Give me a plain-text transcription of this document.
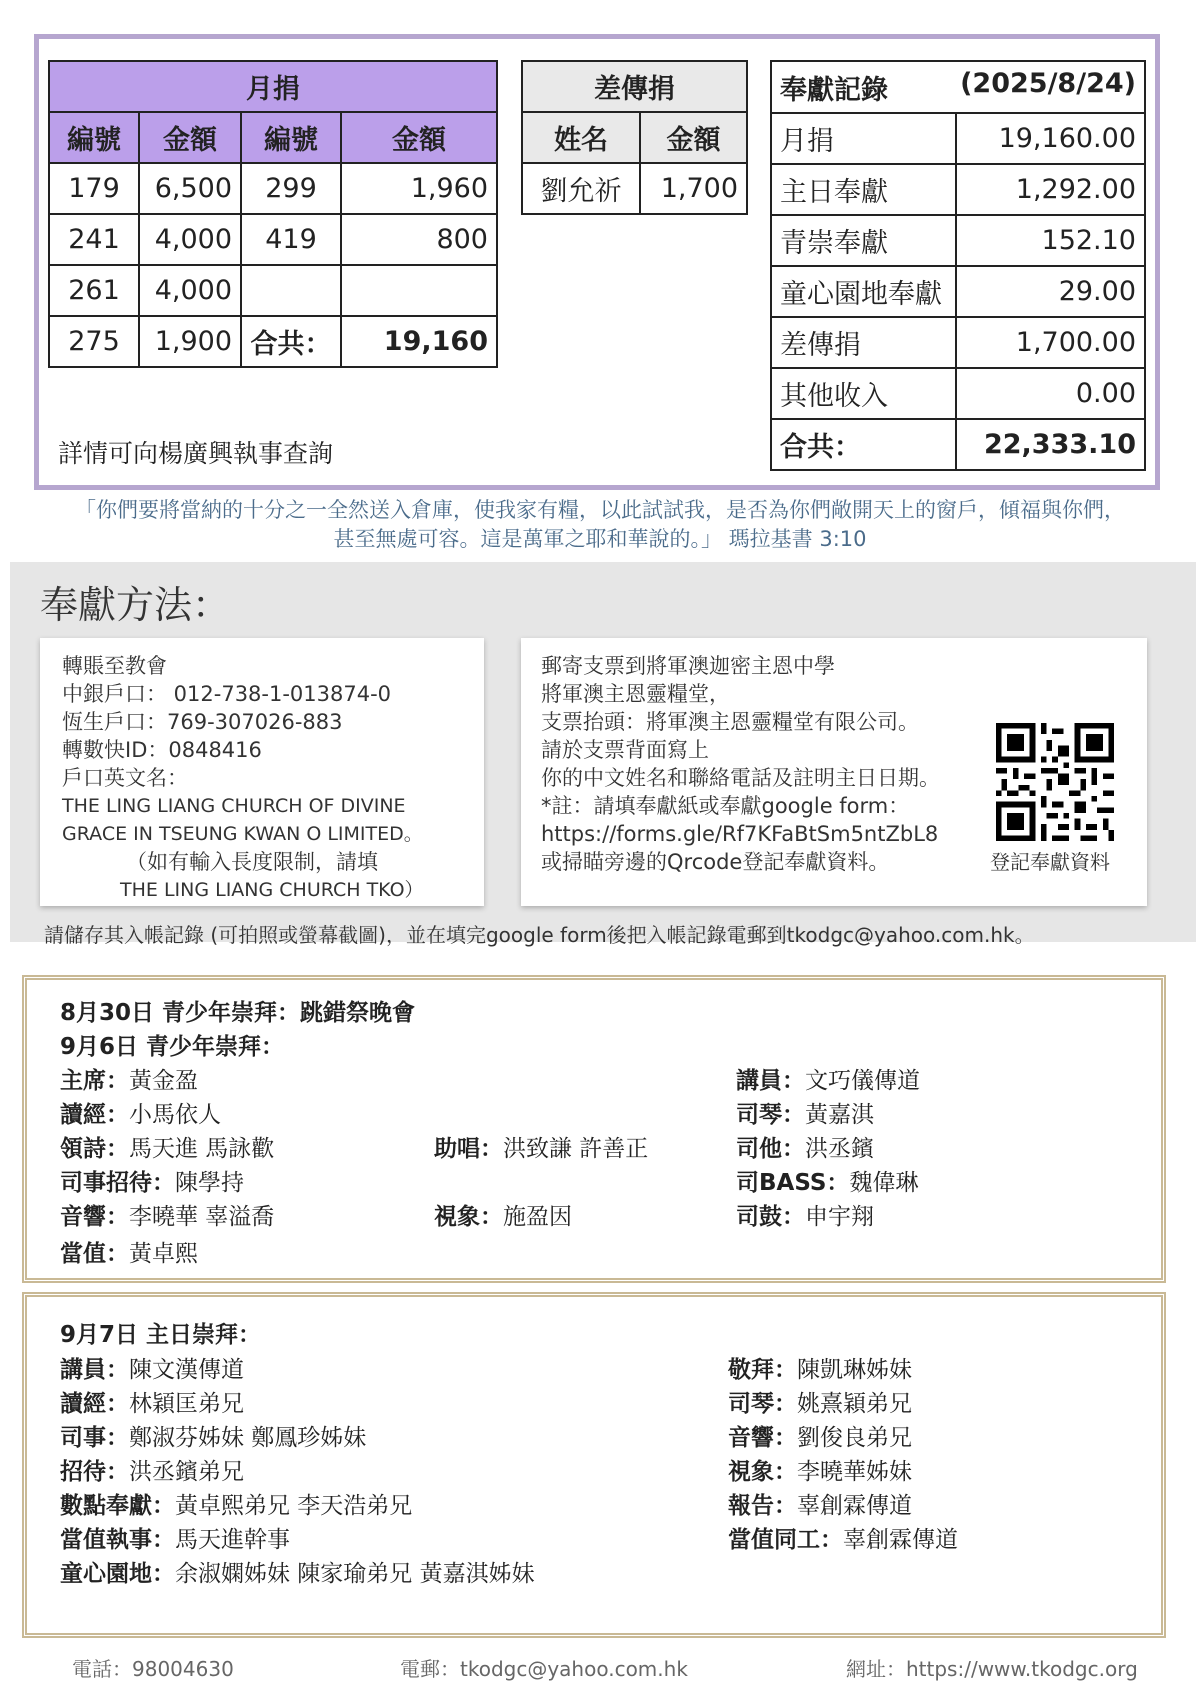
月捐			
編號	金額	編號	金額
179	6,500	299	1,960
241	4,000	419	800
261	4,000		
275	1,900	合共：	19,160
差傳捐	
姓名	金額
劉允祈	1,700
奉獻記錄 (2025/8/24)	

月捐	19,160.00
主日奉獻	1,292.00
青崇奉獻	152.10
童心園地奉獻	29.00
差傳捐	1,700.00
其他收入	0.00
合共：	22,333.10
詳情可向楊廣興執事查詢
「你們要將當納的十分之一全然送入倉庫，使我家有糧，以此試試我，是否為你們敞開天上的窗戶，傾福與你們，
甚至無處可容。這是萬軍之耶和華說的。」 瑪拉基書 3:10
奉獻方法：
轉賬至教會
中銀戶口： 012-738-1-013874-0
恆生戶口：769-307026-883
轉數快ID：0848416
戶口英文名：
THE LING LIANG CHURCH OF DIVINE
GRACE IN TSEUNG KWAN O LIMITED。
（如有輸入長度限制，請填
THE LING LIANG CHURCH TKO）
郵寄支票到將軍澳迦密主恩中學
將軍澳主恩靈糧堂，
支票抬頭：將軍澳主恩靈糧堂有限公司。
請於支票背面寫上
你的中文姓名和聯絡電話及註明主日日期。
*註：請填奉獻紙或奉獻google form：
https://forms.gle/Rf7KFaBtSm5ntZbL8
或掃瞄旁邊的Qrcode登記奉獻資料。	登記奉獻資料
請儲存其入帳記錄 (可拍照或螢幕截圖)，並在填完google form後把入帳記錄電郵到tkodgc@yahoo.com.hk。
8月30日 青少年崇拜：跳錯祭晚會
9月6日 青少年崇拜：
主席：黃金盈	講員：文巧儀傳道
讀經：小馬依人	司琴：黃嘉淇
領詩：馬天進 馬詠歡	助唱：洪致謙 許善正	司他：洪丞鑌
司事招待：陳學持	司BASS：魏偉琳
音響：李曉華 辜溢喬	視象：施盈因	司鼓：申宇翔
當值：黃卓熙
9月7日 主日崇拜：
講員：陳文漢傳道	敬拜：陳凱琳姊妹
讀經：林穎匡弟兄	司琴：姚熹穎弟兄
司事：鄭淑芬姊妹 鄭鳳珍姊妹	音響：劉俊良弟兄
招待：洪丞鑌弟兄	視象：李曉華姊妹
數點奉獻：黃卓熙弟兄 李天浩弟兄	報告：辜創霖傳道
當值執事：馬天進幹事	當值同工：辜創霖傳道
童心園地：余淑嫻姊妹 陳家瑜弟兄 黃嘉淇姊妹
電話：98004630	電郵：tkodgc@yahoo.com.hk	網址：https://www.tkodgc.org
